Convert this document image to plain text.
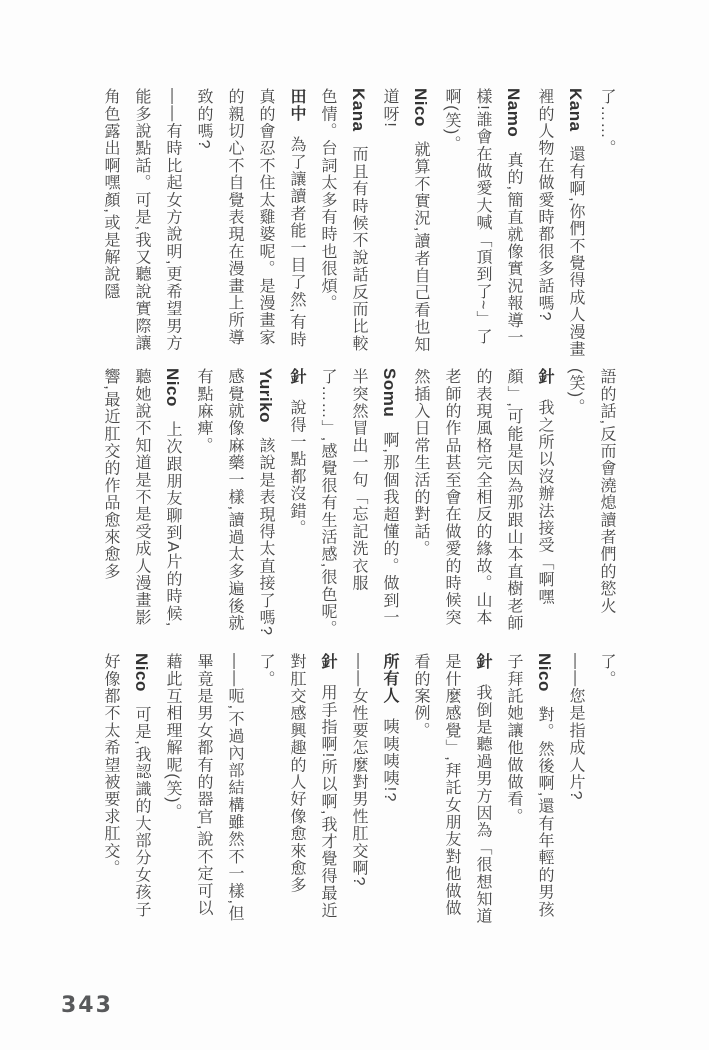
了……。

Kana還有啊,你們不覺得成人漫畫裡的人物在做愛時都很多話嗎?

Namo真的,簡直就像實況報導一樣!誰會在做愛大喊「頂到了~」了啊(笑)。

Nico就算不實況,讀者自己看也知道呀!

Kana而且有時候不說話反而比較色情。台詞太多有時也很煩。

田中為了讓讀者能一目了然,有時真的會忍不住太雞婆呢。是漫畫家的親切心不自覺表現在漫畫上所導致的嗎?

——有時比起女方說明,更希望男方能多說點話。可是,我又聽說實際讓角色露出啊嘿顏,或是解說隱

語的話,反而會澆熄讀者們的慾火(笑)。

針我之所以沒辦法接受「啊嘿顏」,可能是因為那跟山本直樹老師的表現風格完全相反的緣故。山本老師的作品甚至會在做愛的時候突然插入日常生活的對話。

Somu啊,那個我超懂的。做到一半突然冒出一句「忘記洗衣服了……」,感覺很有生活感,很色呢。

針說得一點都沒錯。

Yuriko該說是表現得太直接了嗎?感覺就像麻藥一樣,讀過太多遍後就有點麻痺。

Nico上次跟朋友聊到A片的時候,聽她說不知道是不是受成人漫畫影響,最近肛交的作品愈來愈多

了。

——您是指成人片?

Nico對。然後啊,還有年輕的男孩子拜託她讓他做做看。

針我倒是聽過男方因為「很想知道是什麼感覺」,拜託女朋友對他做做看的案例。

所有人咦咦咦咦!?

——女性要怎麼對男性肛交啊?

針用手指啊!所以啊,我才覺得最近對肛交感興趣的人好像愈來愈多了。

——呃,不過內部結構雖然不一樣,但畢竟是男女都有的器官,說不定可以藉此互相理解呢(笑)。

Nico可是,我認識的大部分女孩子好像都不太希望被要求肛交。

343
